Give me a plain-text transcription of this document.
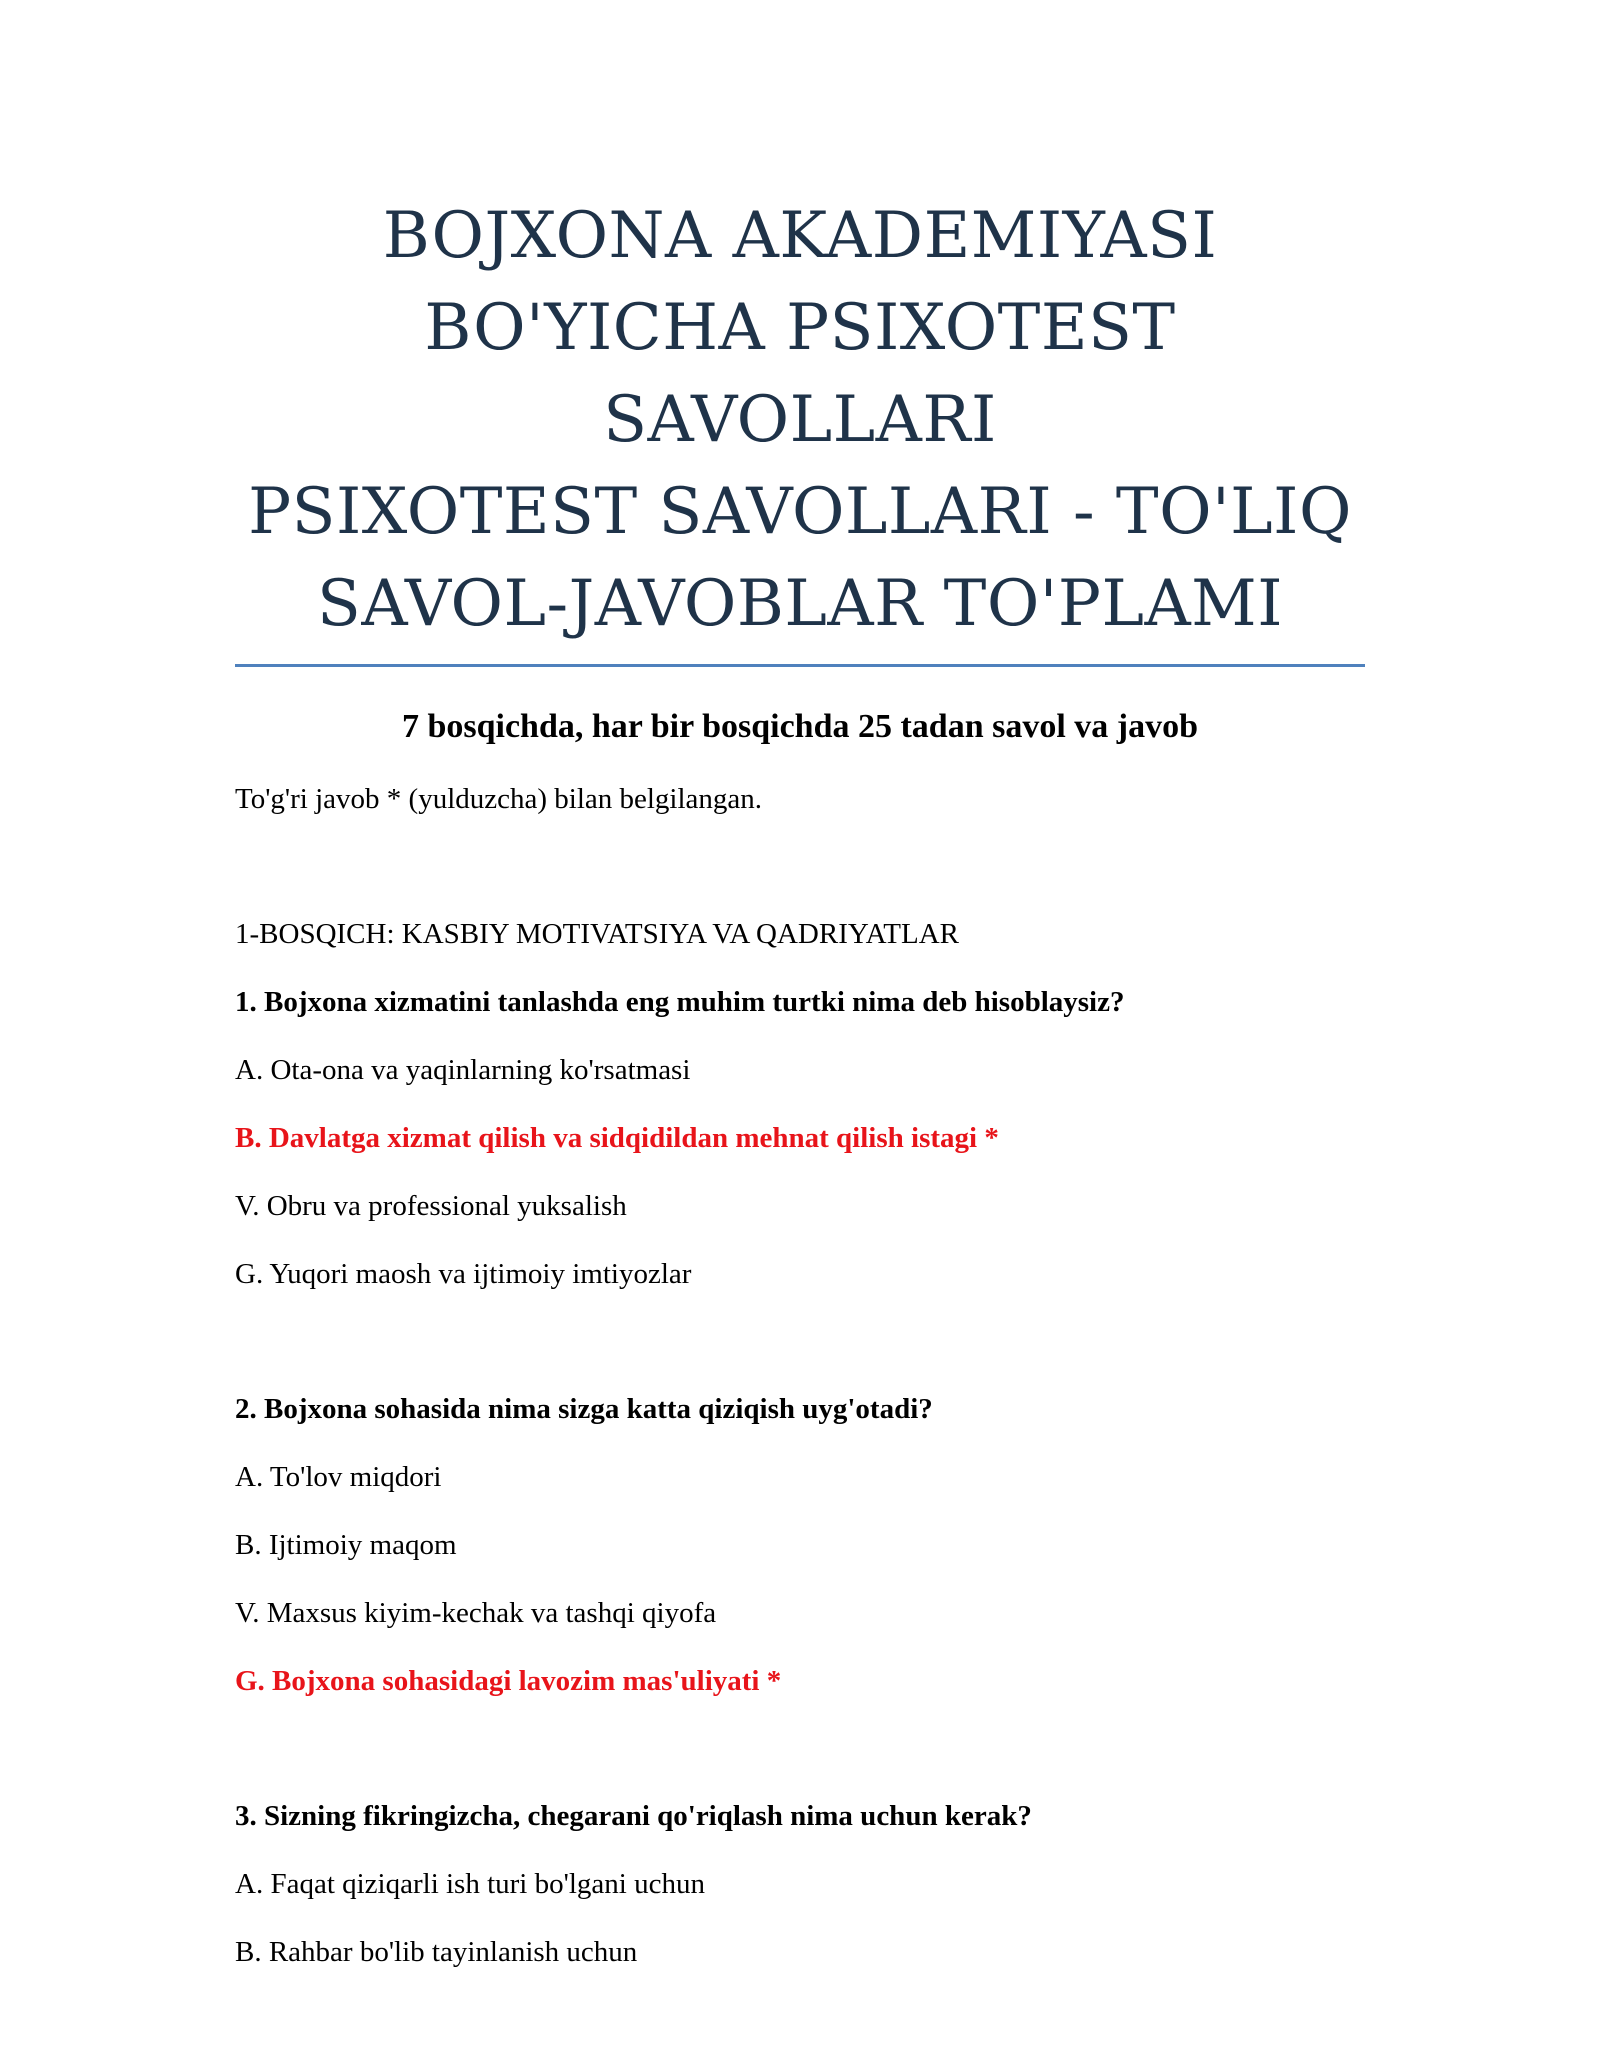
BOJXONA AKADEMIYASI
BO'YICHA PSIXOTEST SAVOLLARI
PSIXOTEST SAVOLLARI - TO'LIQ
SAVOL-JAVOBLAR TO'PLAMI
7 bosqichda, har bir bosqichda 25 tadan savol va javob
To'g'ri javob * (yulduzcha) bilan belgilangan.
1-BOSQICH: KASBIY MOTIVATSIYA VA QADRIYATLAR
1. Bojxona xizmatini tanlashda eng muhim turtki nima deb hisoblaysiz?
A. Ota-ona va yaqinlarning ko'rsatmasi
B. Davlatga xizmat qilish va sidqidildan mehnat qilish istagi *
V. Obru va professional yuksalish
G. Yuqori maosh va ijtimoiy imtiyozlar
2. Bojxona sohasida nima sizga katta qiziqish uyg'otadi?
A. To'lov miqdori
B. Ijtimoiy maqom
V. Maxsus kiyim-kechak va tashqi qiyofa
G. Bojxona sohasidagi lavozim mas'uliyati *
3. Sizning fikringizcha, chegarani qo'riqlash nima uchun kerak?
A. Faqat qiziqarli ish turi bo'lgani uchun
B. Rahbar bo'lib tayinlanish uchun
